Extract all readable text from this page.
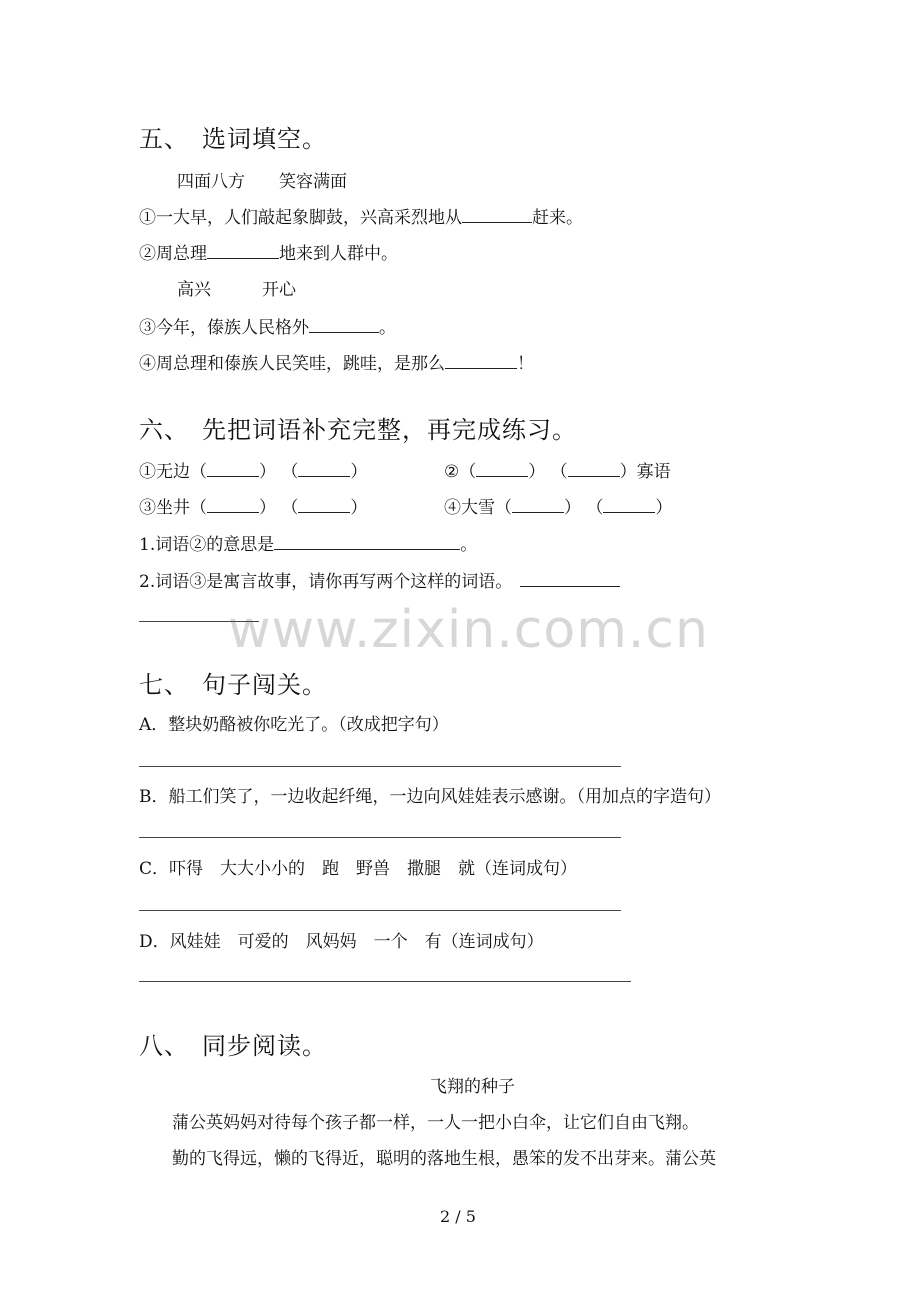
www.zixin.com.cn
五、　选词填空。
四面八方　　笑容满面
①一大早，人们敲起象脚鼓，兴高采烈地从	赶来。
②周总理	地来到人群中。
高兴　　　开心
③今年，傣族人民格外	。
④周总理和傣族人民笑哇，跳哇，是那么	！
六、　先把词语补充完整，再完成练习。
①无边（	） （	）	②（	） （	）寡语
③坐井（	） （	）	④大雪（	） （	）
1.词语②的意思是	。
2.词语③是寓言故事，请你再写两个这样的词语。
七、　句子闯关。
A．整块奶酪被你吃光了。（改成把字句）
B．船工们笑了，一边收起纤绳，一边向风娃娃表示感谢。（用加点的字造句）
C．吓得　大大小小的　跑　野兽　撒腿　就（连词成句）
D．风娃娃　可爱的　风妈妈　一个　有（连词成句）
八、　同步阅读。
飞翔的种子
蒲公英妈妈对待每个孩子都一样，一人一把小白伞，让它们自由飞翔。
勤的飞得远，懒的飞得近，聪明的落地生根，愚笨的发不出芽来。蒲公英
2 / 5
